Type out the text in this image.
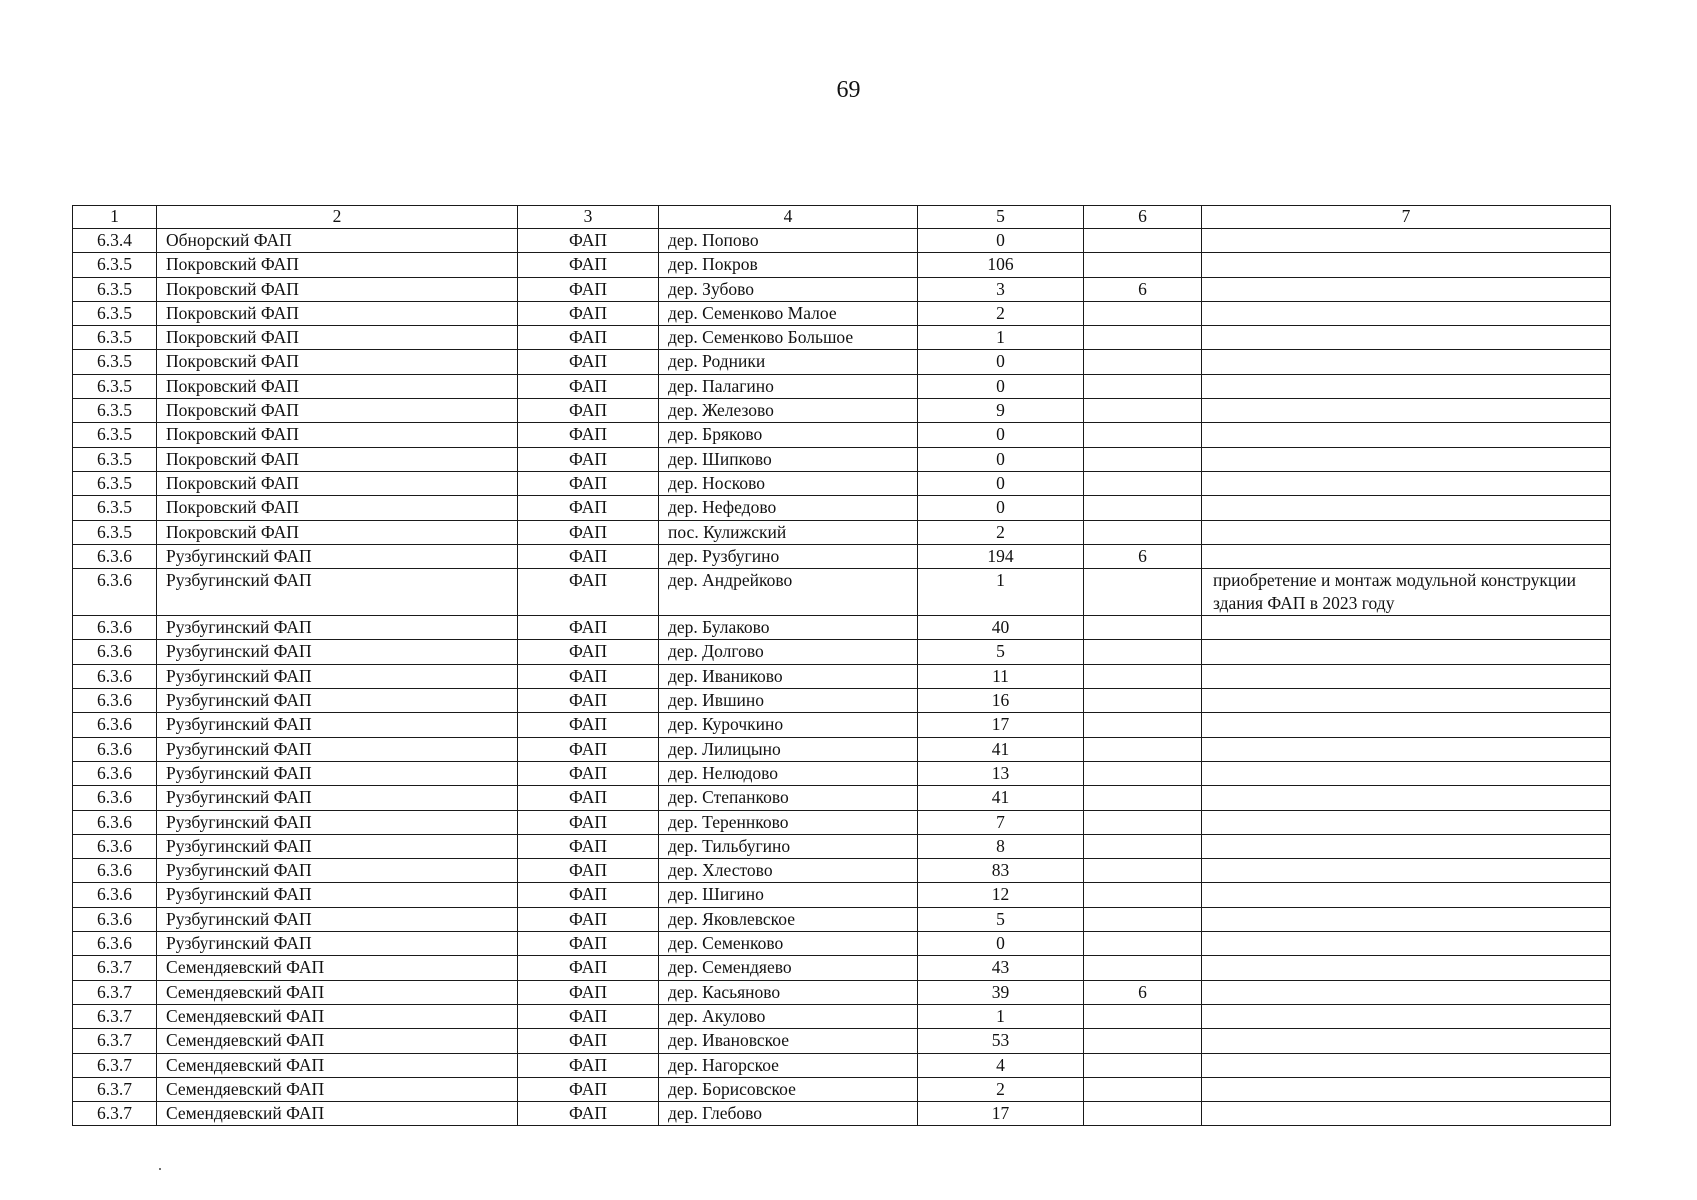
69
1	2	3	4	5	6	7
6.3.4	Обнорский ФАП	ФАП	дер. Попово	0		
6.3.5	Покровский ФАП	ФАП	дер. Покров	106		
6.3.5	Покровский ФАП	ФАП	дер. Зубово	3	6	
6.3.5	Покровский ФАП	ФАП	дер. Семенково Малое	2		
6.3.5	Покровский ФАП	ФАП	дер. Семенково Большое	1		
6.3.5	Покровский ФАП	ФАП	дер. Родники	0		
6.3.5	Покровский ФАП	ФАП	дер. Палагино	0		
6.3.5	Покровский ФАП	ФАП	дер. Железово	9		
6.3.5	Покровский ФАП	ФАП	дер. Бряково	0		
6.3.5	Покровский ФАП	ФАП	дер. Шипково	0		
6.3.5	Покровский ФАП	ФАП	дер. Носково	0		
6.3.5	Покровский ФАП	ФАП	дер. Нефедово	0		
6.3.5	Покровский ФАП	ФАП	пос. Кулижский	2		
6.3.6	Рузбугинский ФАП	ФАП	дер. Рузбугино	194	6	
6.3.6	Рузбугинский ФАП	ФАП	дер. Андрейково	1		приобретение и монтаж модульной конструкции здания ФАП в 2023 году
6.3.6	Рузбугинский ФАП	ФАП	дер. Булаково	40		
6.3.6	Рузбугинский ФАП	ФАП	дер. Долгово	5		
6.3.6	Рузбугинский ФАП	ФАП	дер. Иваниково	11		
6.3.6	Рузбугинский ФАП	ФАП	дер. Ившино	16		
6.3.6	Рузбугинский ФАП	ФАП	дер. Курочкино	17		
6.3.6	Рузбугинский ФАП	ФАП	дер. Лилицыно	41		
6.3.6	Рузбугинский ФАП	ФАП	дер. Нелюдово	13		
6.3.6	Рузбугинский ФАП	ФАП	дер. Степанково	41		
6.3.6	Рузбугинский ФАП	ФАП	дер. Тереннково	7		
6.3.6	Рузбугинский ФАП	ФАП	дер. Тильбугино	8		
6.3.6	Рузбугинский ФАП	ФАП	дер. Хлестово	83		
6.3.6	Рузбугинский ФАП	ФАП	дер. Шигино	12		
6.3.6	Рузбугинский ФАП	ФАП	дер. Яковлевское	5		
6.3.6	Рузбугинский ФАП	ФАП	дер. Семенково	0		
6.3.7	Семендяевский ФАП	ФАП	дер. Семендяево	43		
6.3.7	Семендяевский ФАП	ФАП	дер. Касьяново	39	6	
6.3.7	Семендяевский ФАП	ФАП	дер. Акулово	1		
6.3.7	Семендяевский ФАП	ФАП	дер. Ивановское	53		
6.3.7	Семендяевский ФАП	ФАП	дер. Нагорское	4		
6.3.7	Семендяевский ФАП	ФАП	дер. Борисовское	2		
6.3.7	Семендяевский ФАП	ФАП	дер. Глебово	17		
